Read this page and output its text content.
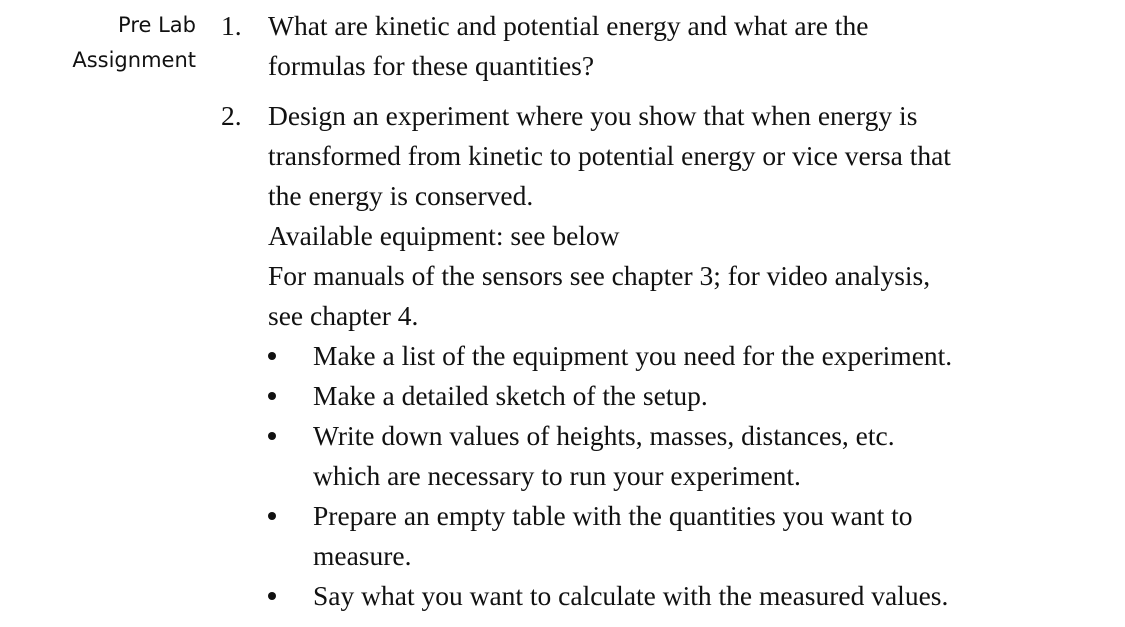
Pre Lab
Assignment
1. What are kinetic and potential energy and what are the
formulas for these quantities?
2. Design an experiment where you show that when energy is
transformed from kinetic to potential energy or vice versa that
the energy is conserved.
Available equipment: see below
For manuals of the sensors see chapter 3; for video analysis,
see chapter 4.
Make a list of the equipment you need for the experiment.
Make a detailed sketch of the setup.
Write down values of heights, masses, distances, etc.
which are necessary to run your experiment.
Prepare an empty table with the quantities you want to
measure.
Say what you want to calculate with the measured values.
